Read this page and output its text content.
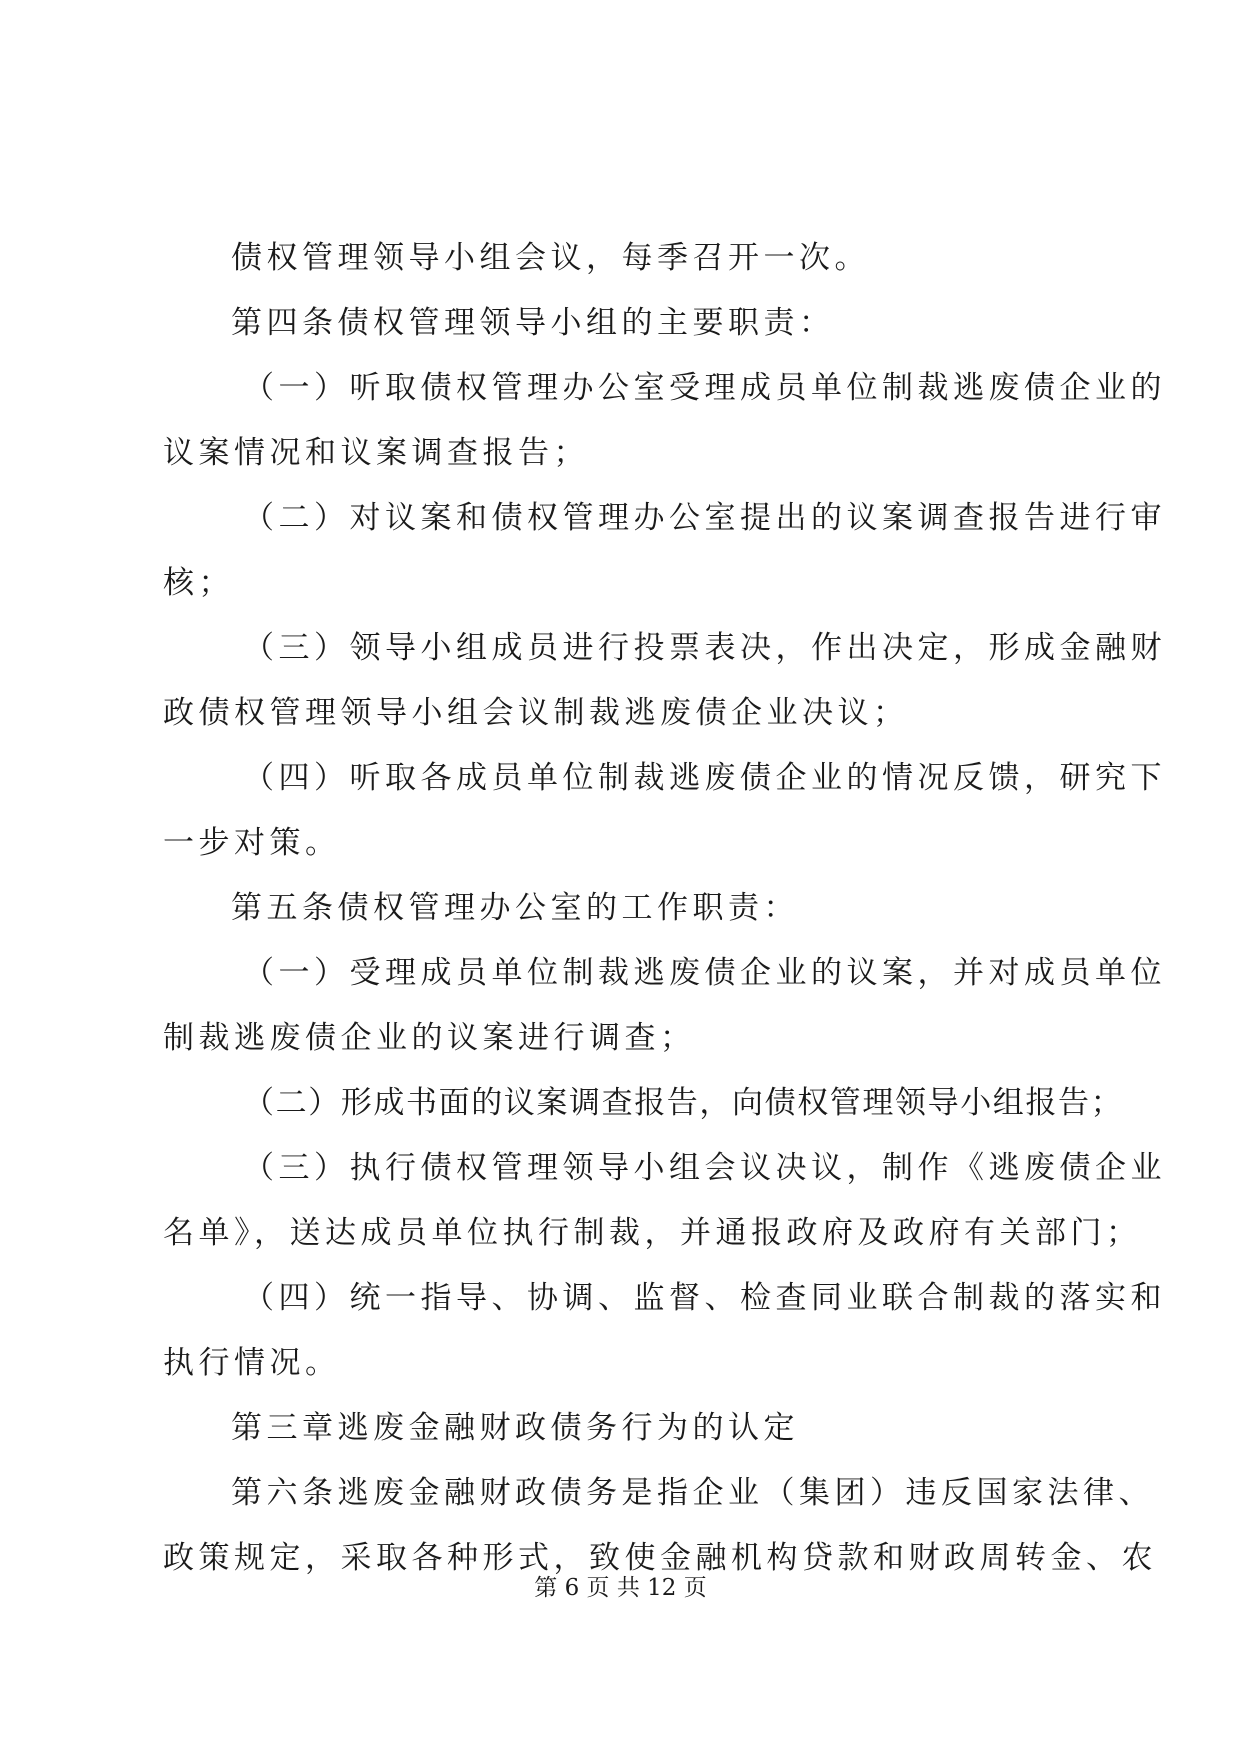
债权管理领导小组会议，每季召开一次。
第四条债权管理领导小组的主要职责：
（一）听取债权管理办公室受理成员单位制裁逃废债企业的
议案情况和议案调查报告；
（二）对议案和债权管理办公室提出的议案调查报告进行审
核；
（三）领导小组成员进行投票表决，作出决定，形成金融财
政债权管理领导小组会议制裁逃废债企业决议；
（四）听取各成员单位制裁逃废债企业的情况反馈，研究下
一步对策。
第五条债权管理办公室的工作职责：
（一）受理成员单位制裁逃废债企业的议案，并对成员单位
制裁逃废债企业的议案进行调查；
（二）形成书面的议案调查报告，向债权管理领导小组报告；
（三）执行债权管理领导小组会议决议，制作《逃废债企业
名单》，送达成员单位执行制裁，并通报政府及政府有关部门；
（四）统一指导、协调、监督、检查同业联合制裁的落实和
执行情况。
第三章逃废金融财政债务行为的认定
第六条逃废金融财政债务是指企业（集团）违反国家法律、
政策规定，采取各种形式，致使金融机构贷款和财政周转金、农
第 6 页 共 12 页
